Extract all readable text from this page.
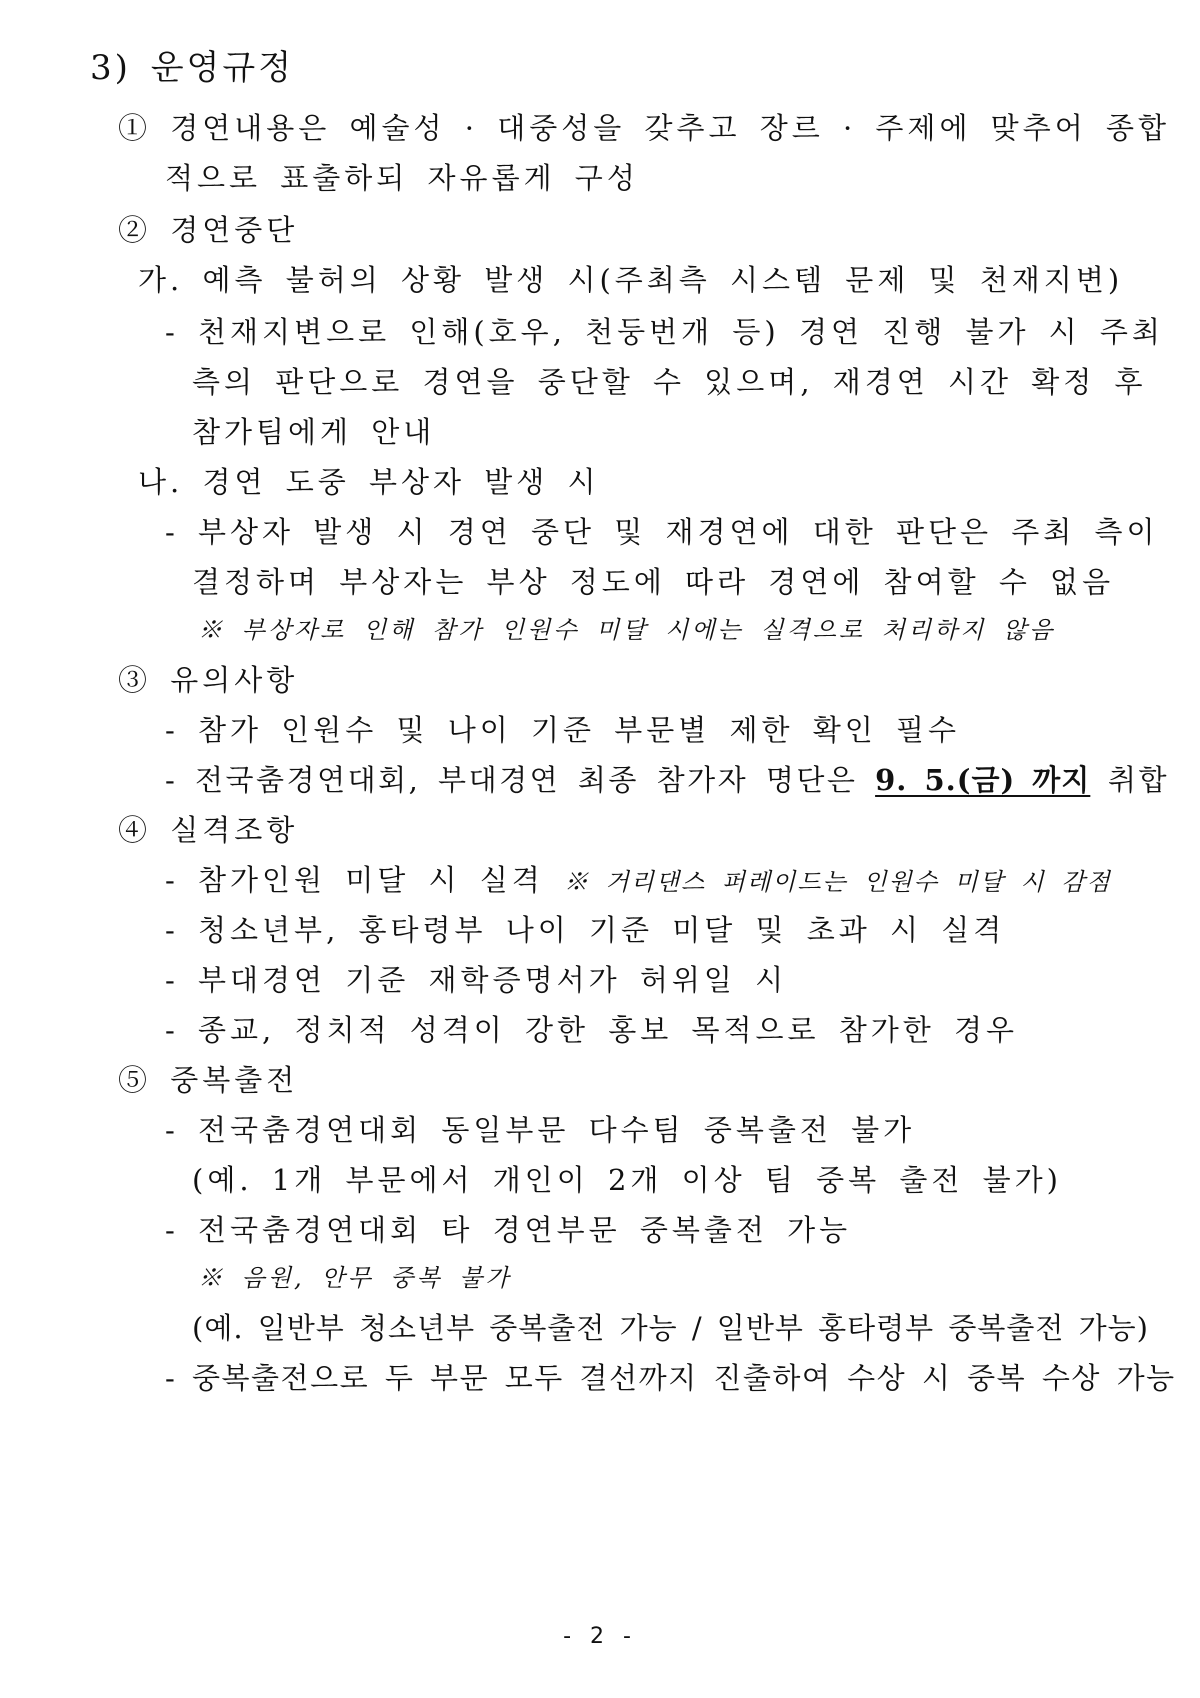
3) 운영규정
① 경연내용은 예술성 · 대중성을 갖추고 장르 · 주제에 맞추어 종합
적으로 표출하되 자유롭게 구성
② 경연중단
가. 예측 불허의 상황 발생 시(주최측 시스템 문제 및 천재지변)
- 천재지변으로 인해(호우, 천둥번개 등) 경연 진행 불가 시 주최
측의 판단으로 경연을 중단할 수 있으며, 재경연 시간 확정 후
참가팀에게 안내
나. 경연 도중 부상자 발생 시
- 부상자 발생 시 경연 중단 및 재경연에 대한 판단은 주최 측이
결정하며 부상자는 부상 정도에 따라 경연에 참여할 수 없음
※ 부상자로 인해 참가 인원수 미달 시에는 실격으로 처리하지 않음
③ 유의사항
- 참가 인원수 및 나이 기준 부문별 제한 확인 필수
- 전국춤경연대회, 부대경연 최종 참가자 명단은 9. 5.(금) 까지 취합
④ 실격조항
- 참가인원 미달 시 실격 ※ 거리댄스 퍼레이드는 인원수 미달 시 감점
- 청소년부, 홍타령부 나이 기준 미달 및 초과 시 실격
- 부대경연 기준 재학증명서가 허위일 시
- 종교, 정치적 성격이 강한 홍보 목적으로 참가한 경우
⑤ 중복출전
- 전국춤경연대회 동일부문 다수팀 중복출전 불가
(예. 1개 부문에서 개인이 2개 이상 팀 중복 출전 불가)
- 전국춤경연대회 타 경연부문 중복출전 가능
※ 음원, 안무 중복 불가
(예. 일반부 청소년부 중복출전 가능 / 일반부 홍타령부 중복출전 가능)
- 중복출전으로 두 부문 모두 결선까지 진출하여 수상 시 중복 수상 가능
- 2 -
